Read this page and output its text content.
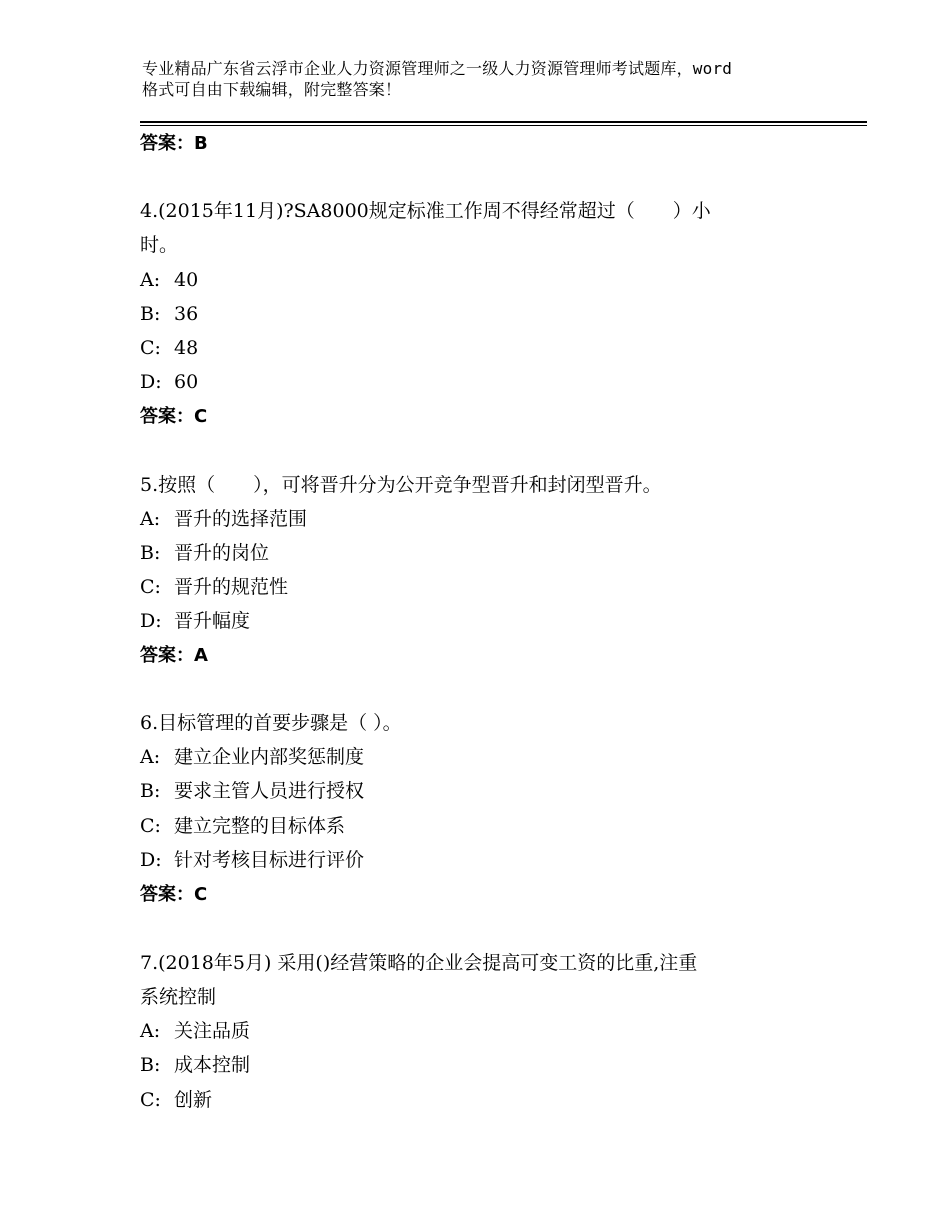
专业精品广东省云浮市企业人力资源管理师之一级人力资源管理师考试题库，word
格式可自由下载编辑，附完整答案！
答案：B
4.(2015年11月)?SA8000规定标准工作周不得经常超过（　　）小
时。
A: 40
B: 36
C: 48
D: 60
答案：C
5.按照（　　），可将晋升分为公开竞争型晋升和封闭型晋升。
A: 晋升的选择范围
B: 晋升的岗位
C: 晋升的规范性
D: 晋升幅度
答案：A
6.目标管理的首要步骤是（ ）。
A: 建立企业内部奖惩制度
B: 要求主管人员进行授权
C: 建立完整的目标体系
D: 针对考核目标进行评价
答案：C
7.(2018年5月) 采用()经营策略的企业会提高可变工资的比重,注重
系统控制
A: 关注品质
B: 成本控制
C: 创新
